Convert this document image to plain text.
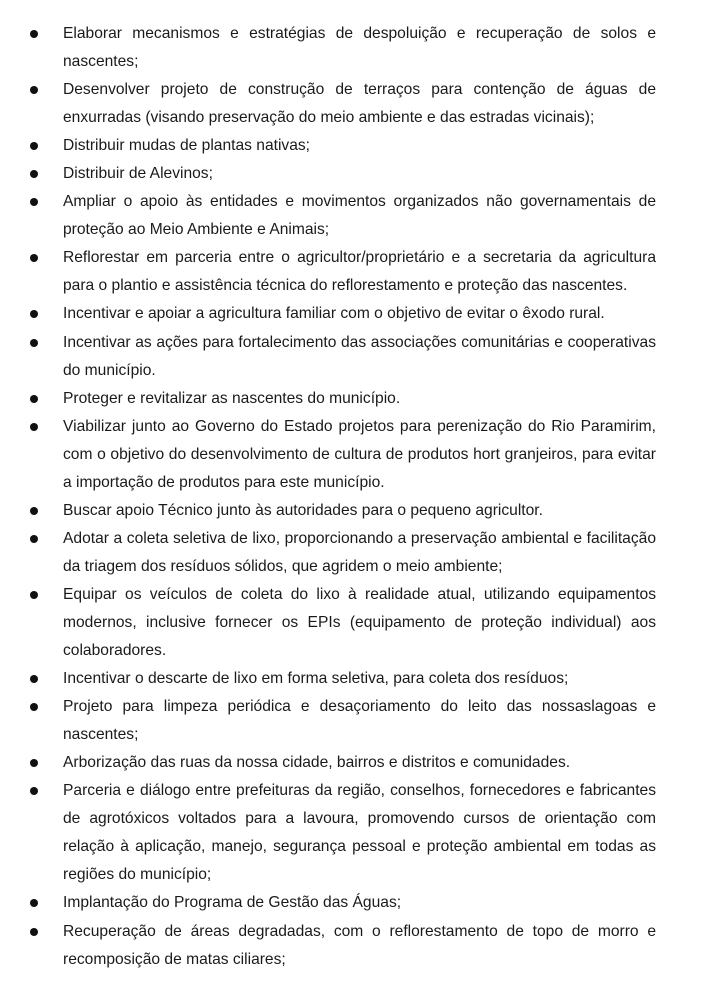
Elaborar mecanismos e estratégias de despoluição e recuperação de solos e nascentes;
Desenvolver projeto de construção de terraços para contenção de águas de enxurradas (visando preservação do meio ambiente e das estradas vicinais);
Distribuir mudas de plantas nativas;
Distribuir de Alevinos;
Ampliar o apoio às entidades e movimentos organizados não governamentais de proteção ao Meio Ambiente e Animais;
Reflorestar em parceria entre o agricultor/proprietário e a secretaria da agricultura para o plantio e assistência técnica do reflorestamento e proteção das nascentes.
Incentivar e apoiar a agricultura familiar com o objetivo de evitar o êxodo rural.
Incentivar as ações para fortalecimento das associações comunitárias e cooperativas do município.
Proteger e revitalizar as nascentes do município.
Viabilizar junto ao Governo do Estado projetos para perenização do Rio Paramirim, com o objetivo do desenvolvimento de cultura de produtos hort granjeiros, para evitar a importação de produtos para este município.
Buscar apoio Técnico junto às autoridades para o pequeno agricultor.
Adotar a coleta seletiva de lixo, proporcionando a preservação ambiental e facilitação da triagem dos resíduos sólidos, que agridem o meio ambiente;
Equipar os veículos de coleta do lixo à realidade atual, utilizando equipamentos modernos, inclusive fornecer os EPIs (equipamento de proteção individual) aos colaboradores.
Incentivar o descarte de lixo em forma seletiva, para coleta dos resíduos;
Projeto para limpeza periódica e desaçoriamento do leito das nossaslagoas e nascentes;
Arborização das ruas da nossa cidade, bairros e distritos e comunidades.
Parceria e diálogo entre prefeituras da região, conselhos, fornecedores e fabricantes de agrotóxicos voltados para a lavoura, promovendo cursos de orientação com relação à aplicação, manejo, segurança pessoal e proteção ambiental em todas as regiões do município;
Implantação do Programa de Gestão das Águas;
Recuperação de áreas degradadas, com o reflorestamento de topo de morro e recomposição de matas ciliares;
